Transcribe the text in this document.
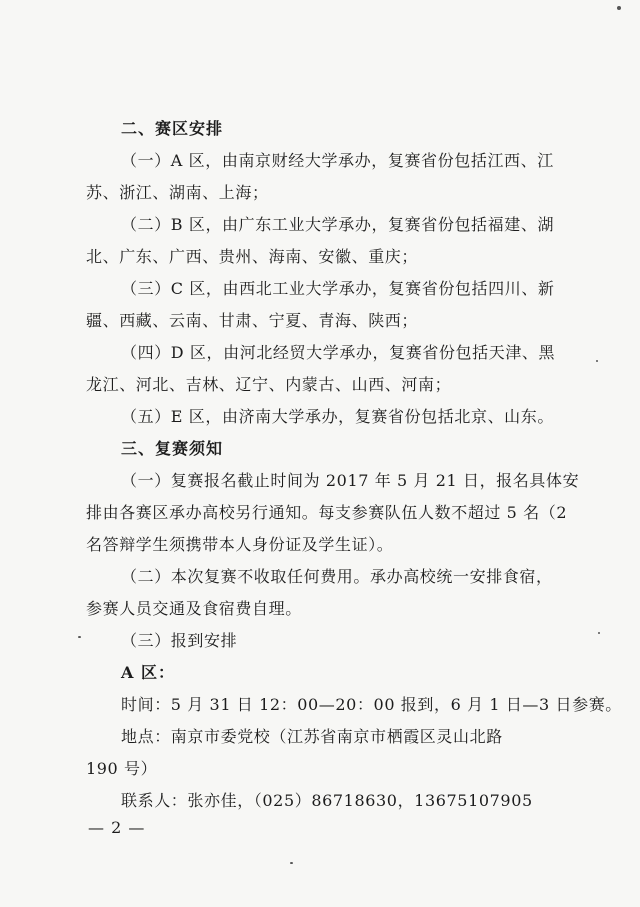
二、赛区安排
（一）A 区，由南京财经大学承办，复赛省份包括江西、江
苏、浙江、湖南、上海；
（二）B 区，由广东工业大学承办，复赛省份包括福建、湖
北、广东、广西、贵州、海南、安徽、重庆；
（三）C 区，由西北工业大学承办，复赛省份包括四川、新
疆、西藏、云南、甘肃、宁夏、青海、陕西；
（四）D 区，由河北经贸大学承办，复赛省份包括天津、黑
龙江、河北、吉林、辽宁、内蒙古、山西、河南；
（五）E 区，由济南大学承办，复赛省份包括北京、山东。
三、复赛须知
（一）复赛报名截止时间为 2017 年 5 月 21 日，报名具体安
排由各赛区承办高校另行通知。每支参赛队伍人数不超过 5 名（2
名答辩学生须携带本人身份证及学生证）。
（二）本次复赛不收取任何费用。承办高校统一安排食宿，
参赛人员交通及食宿费自理。
（三）报到安排
A 区：
时间：5 月 31 日 12：00—20：00 报到，6 月 1 日—3 日参赛。
地点：南京市委党校（江苏省南京市栖霞区灵山北路
190 号）
联系人：张亦佳，（025）86718630，13675107905
— 2 —
